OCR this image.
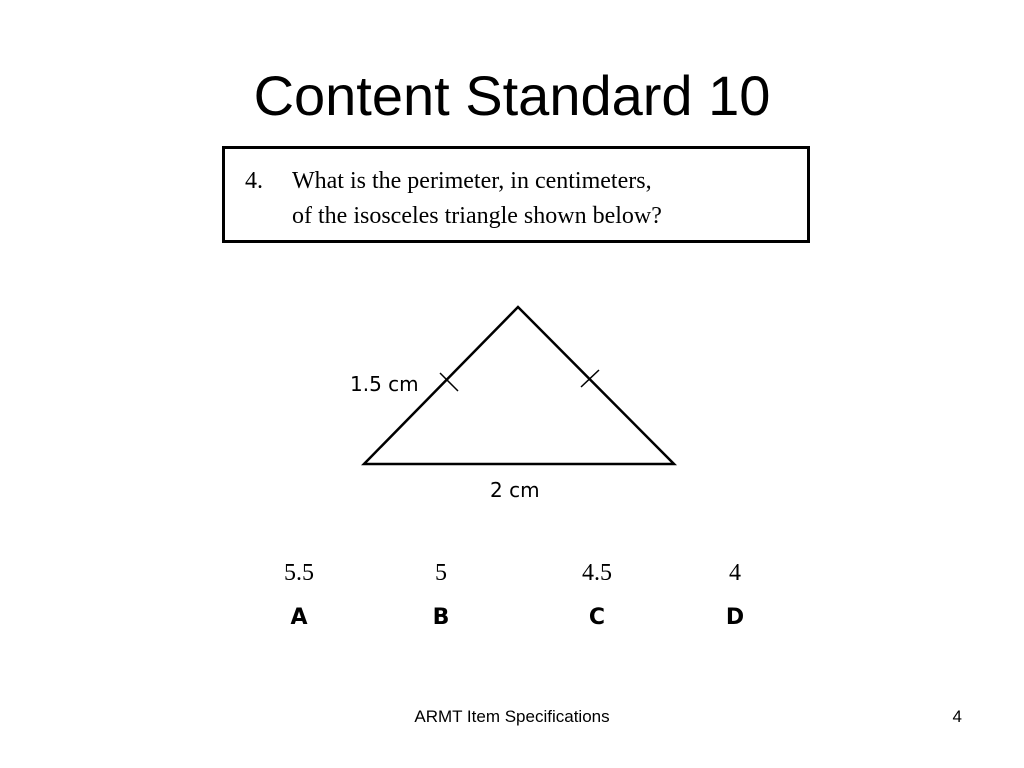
Content Standard 10
4. What is the perimeter, in centimeters,
of the isosceles triangle shown below?
1.5 cm
2 cm
5.5	5	4.5	4
A	B	C	D
ARMT Item Specifications	4
